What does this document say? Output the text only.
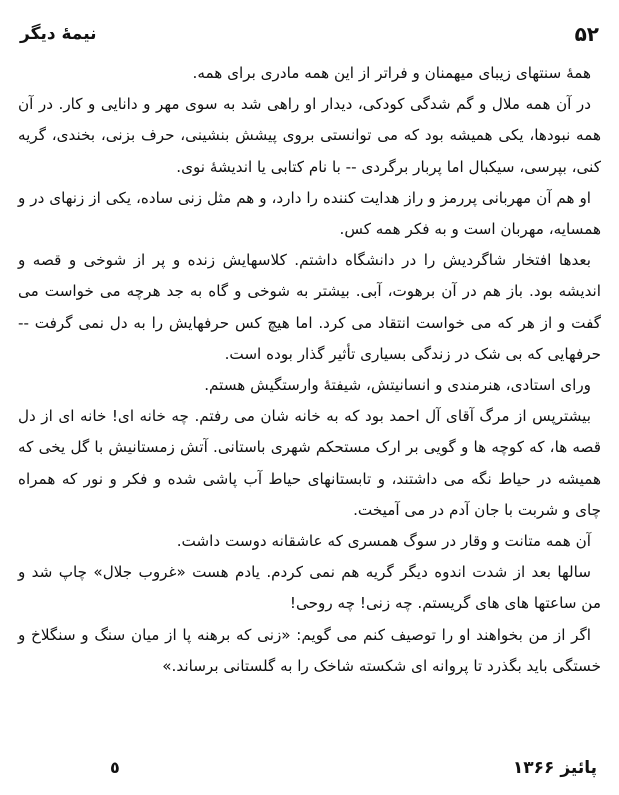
۵۲
نیمهٔ دیگر

همهٔ سنتهای زیبای میهمنان و فراتر از این همه مادری برای همه.

در آن همه ملال و گم شدگی کودکی، دیدار او راهی شد به سوی مهر و دانایی و کار. در آن همه نبودها، یکی همیشه بود که می توانستی بروی پیشش بنشینی، حرف بزنی، بخندی، گریه کنی، بپرسی، سیکبال اما پربار برگردی -- با نام کتابی یا اندیشهٔ نوی.

او هم آن مهربانی پررمز و راز هدایت کننده را دارد، و هم مثل زنی ساده، یکی از زنهای در و همسایه، مهربان است و به فکر همه کس.

بعدها افتخار شاگردیش را در دانشگاه داشتم. کلاسهایش زنده و پر از شوخی و قصه و اندیشه بود. باز هم در آن برهوت، آبی. بیشتر به شوخی و گاه به جد هرچه می خواست می گفت و از هر که می خواست انتقاد می کرد. اما هیچ کس حرفهایش را به دل نمی گرفت -- حرفهایی که بی شک در زندگی بسیاری تأثیر گذار بوده است.

ورای استادی، هنرمندی و انسانیتش، شیفتهٔ وارستگیش هستم.

بیشترپس از مرگ آقای آل احمد بود که به خانه شان می رفتم. چه خانه ای! خانه ای از دل قصه ها، که کوچه ها و گویی بر ارک مستحکم شهری باستانی. آتش زمستانیش با گل یخی که همیشه در حیاط نگه می داشتند، و تابستانهای حیاط آب پاشی شده و فکر و نور که همراه چای و شربت با جان آدم در می آمیخت.

آن همه متانت و وقار در سوگ همسری که عاشقانه دوست داشت.

سالها بعد از شدت اندوه دیگر گریه هم نمی کردم. یادم هست «غروب جلال» چاپ شد و من ساعتها های های گریستم. چه زنی! چه روحی!

اگر از من بخواهند او را توصیف کنم می گویم: «زنی که برهنه پا از میان سنگ و سنگلاخ و خستگی باید بگذرد تا پروانه ای شکسته شاخک را به گلستانی برساند.»

پائیز ۱۳۶۶
٥
